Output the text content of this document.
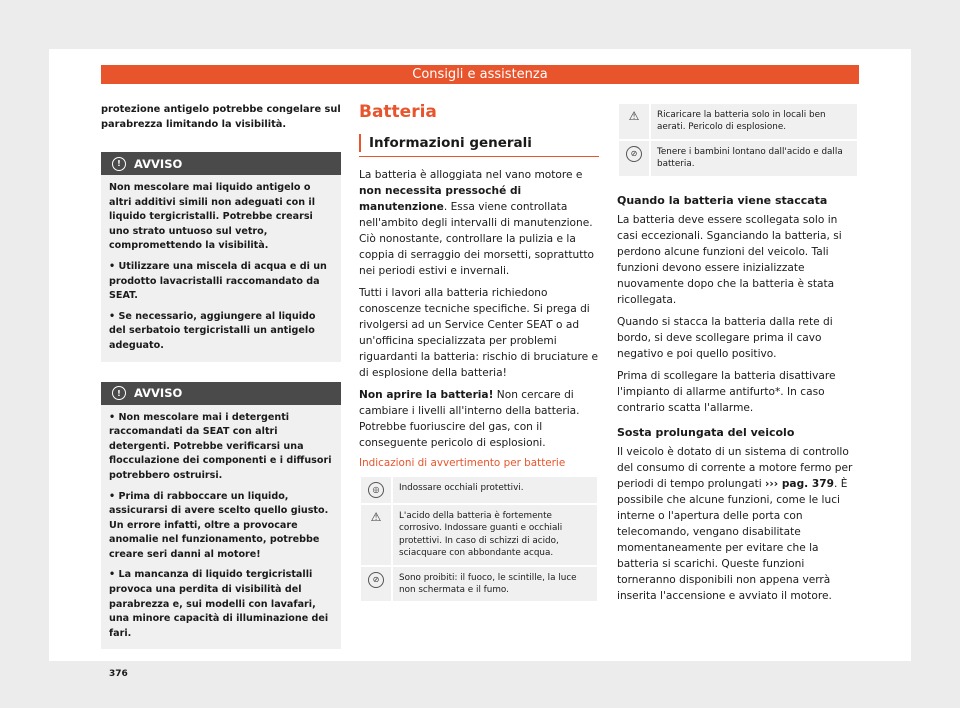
Consigli e assistenza

protezione antigelo potrebbe congelare sul parabrezza limitando la visibilità.

!	AVVISO

Non mescolare mai liquido antigelo o altri additivi simili non adeguati con il liquido tergicristalli. Potrebbe crearsi uno strato untuoso sul vetro, compromettendo la visibilità.

• Utilizzare una miscela di acqua e di un prodotto lavacristalli raccomandato da SEAT.

• Se necessario, aggiungere al liquido del serbatoio tergicristalli un antigelo adeguato.

!	AVVISO

• Non mescolare mai i detergenti raccomandati da SEAT con altri detergenti. Potrebbe verificarsi una flocculazione dei componenti e i diffusori potrebbero ostruirsi.

• Prima di rabboccare un liquido, assicurarsi di avere scelto quello giusto. Un errore infatti, oltre a provocare anomalie nel funzionamento, potrebbe creare seri danni al motore!

• La mancanza di liquido tergicristalli provoca una perdita di visibilità del parabrezza e, sui modelli con lavafari, una minore capacità di illuminazione dei fari.

Batteria
Informazioni generali

La batteria è alloggiata nel vano motore e non necessita pressoché di manutenzione. Essa viene controllata nell'ambito degli intervalli di manutenzione. Ciò nonostante, controllare la pulizia e la coppia di serraggio dei morsetti, soprattutto nei periodi estivi e invernali.

Tutti i lavori alla batteria richiedono conoscenze tecniche specifiche. Si prega di rivolgersi ad un Service Center SEAT o ad un'officina specializzata per problemi riguardanti la batteria: rischio di bruciature e di esplosione della batteria!

Non aprire la batteria! Non cercare di cambiare i livelli all'interno della batteria. Potrebbe fuoriuscire del gas, con il conseguente pericolo di esplosioni.

Indicazioni di avvertimento per batterie
◎	Indossare occhiali protettivi.
⚠	L'acido della batteria è fortemente corrosivo. Indossare guanti e occhiali protettivi. In caso di schizzi di acido, sciacquare con abbondante acqua.
⊘	Sono proibiti: il fuoco, le scintille, la luce non schermata e il fumo.
⚠	Ricaricare la batteria solo in locali ben aerati. Pericolo di esplosione.
⊘	Tenere i bambini lontano dall'acido e dalla batteria.
Quando la batteria viene staccata

La batteria deve essere scollegata solo in casi eccezionali. Sganciando la batteria, si perdono alcune funzioni del veicolo. Tali funzioni devono essere inizializzate nuovamente dopo che la batteria è stata ricollegata.

Quando si stacca la batteria dalla rete di bordo, si deve scollegare prima il cavo negativo e poi quello positivo.

Prima di scollegare la batteria disattivare l'impianto di allarme antifurto*. In caso contrario scatta l'allarme.

Sosta prolungata del veicolo

Il veicolo è dotato di un sistema di controllo del consumo di corrente a motore fermo per periodi di tempo prolungati ››› pag. 379. È possibile che alcune funzioni, come le luci interne o l'apertura delle porta con telecomando, vengano disabilitate momentaneamente per evitare che la batteria si scarichi. Queste funzioni torneranno disponibili non appena verrà inserita l'accensione e avviato il motore.

376
